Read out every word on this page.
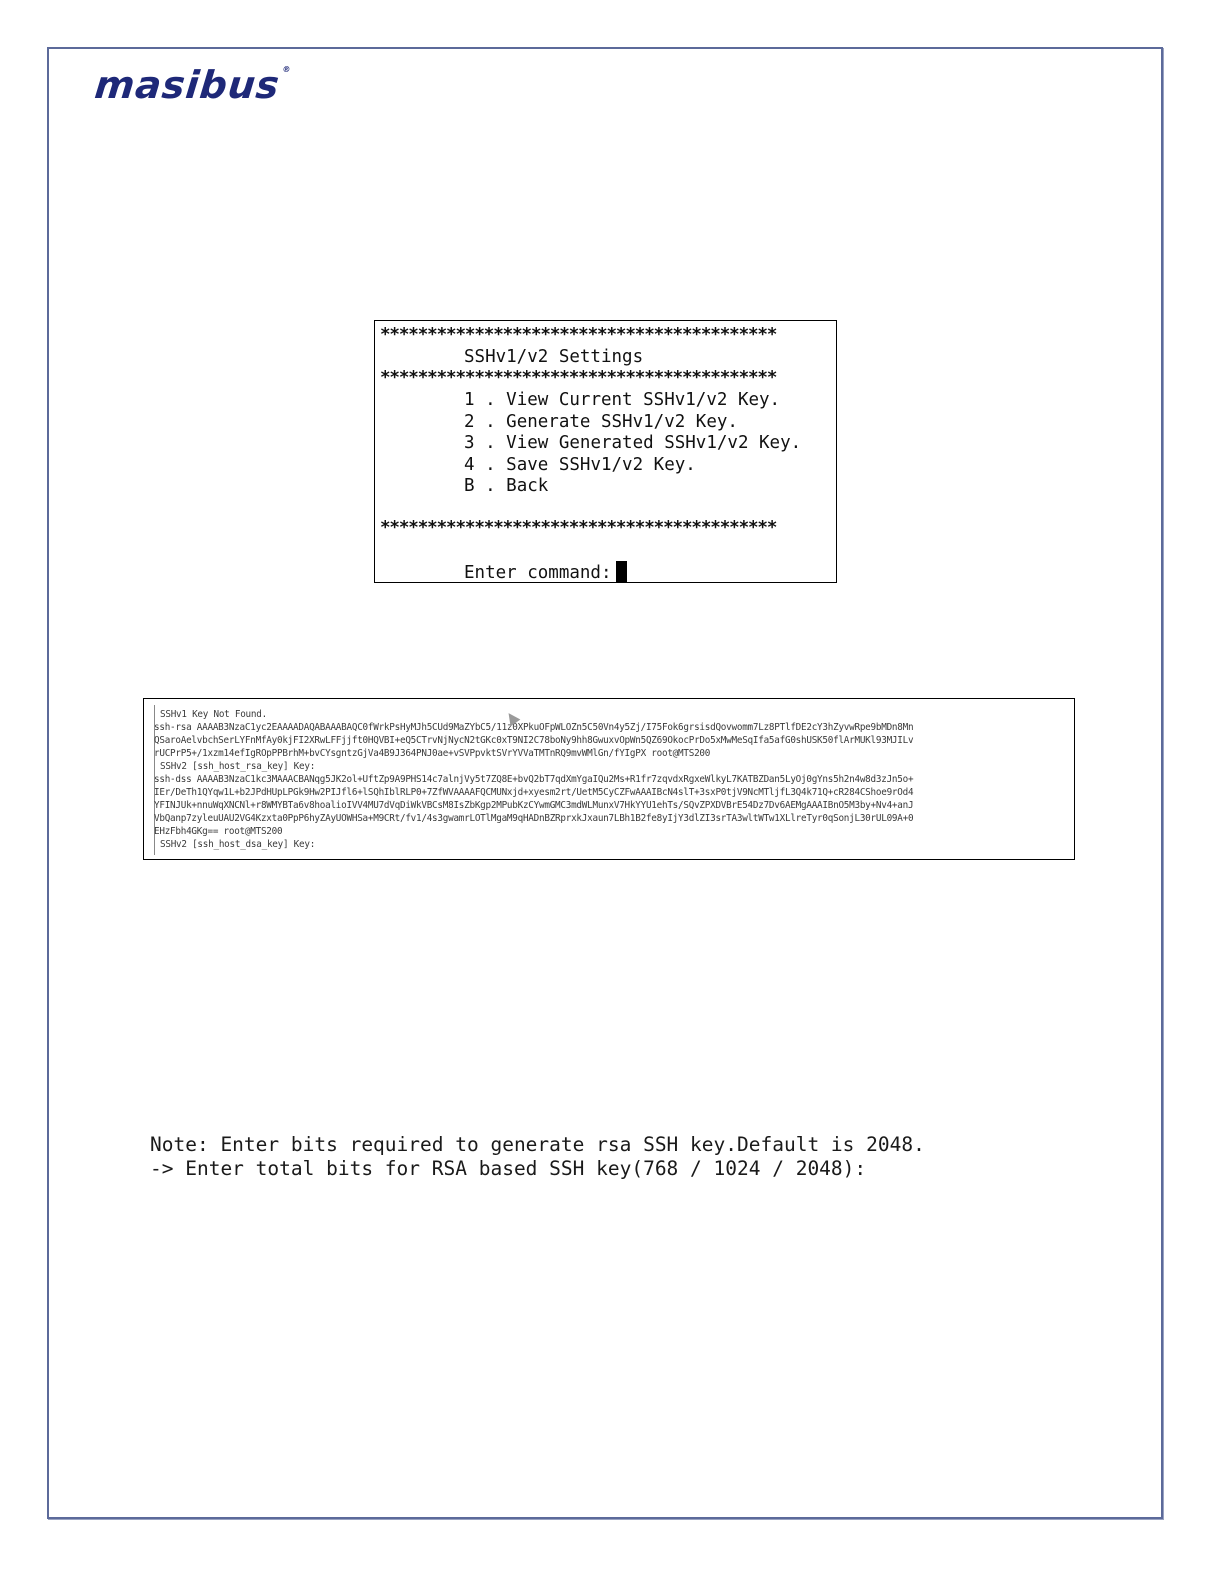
masibus®
******************************************
SSHv1/v2 Settings
******************************************
1 . View Current SSHv1/v2 Key.
2 . Generate SSHv1/v2 Key.
3 . View Generated SSHv1/v2 Key.
4 . Save SSHv1/v2 Key.
B . Back
******************************************
Enter command:
SSHv1 Key Not Found.
ssh-rsa AAAAB3NzaC1yc2EAAAADAQABAAABAQC0fWrkPsHyMJh5CUd9MaZYbC5/11z0XPkuOFpWLOZn5C50Vn4y5Zj/I75Fok6grsisdQovwomm7Lz8PTlfDE2cY3hZyvwRpe9bMDn8Mn
QSaroAelvbchSerLYFnMfAy0kjFI2XRwLFFjjft0HQVBI+eQ5CTrvNjNycN2tGKc0xT9NI2C78boNy9hh8GwuxvOpWn5QZ69OkocPrDo5xMwMeSqIfa5afG0shUSK50flArMUKl93MJILv
rUCPrP5+/1xzm14efIgROpPPBrhM+bvCYsgntzGjVa4B9J364PNJ0ae+vSVPpvktSVrYVVaTMTnRQ9mvWMlGn/fYIgPX root@MTS200
SSHv2 [ssh_host_rsa_key] Key:
ssh-dss AAAAB3NzaC1kc3MAAACBANqg5JK2ol+UftZp9A9PHS14c7alnjVy5t7ZQ8E+bvQ2bT7qdXmYgaIQu2Ms+R1fr7zqvdxRgxeWlkyL7KATBZDan5LyOj0gYns5h2n4w8d3zJn5o+
IEr/DeTh1QYqw1L+b2JPdHUpLPGk9Hw2PIJfl6+lSQhIblRLP0+7ZfWVAAAAFQCMUNxjd+xyesm2rt/UetM5CyCZFwAAAIBcN4slT+3sxP0tjV9NcMTljfL3Q4k71Q+cR284CShoe9rOd4
YFINJUk+nnuWqXNCNl+r8WMYBTa6v8hoalioIVV4MU7dVqDiWkVBCsM8IsZbKgp2MPubKzCYwmGMC3mdWLMunxV7HkYYU1ehTs/SQvZPXDVBrE54Dz7Dv6AEMgAAAIBnO5M3by+Nv4+anJ
VbQanp7zyleuUAU2VG4Kzxta0PpP6hyZAyUOWHSa+M9CRt/fv1/4s3gwamrLOTlMgaM9qHADnBZRprxkJxaun7LBh1B2fe8yIjY3dlZI3srTA3wltWTw1XLlreTyr0qSonjL30rUL09A+0
EHzFbh4GKg== root@MTS200
SSHv2 [ssh_host_dsa_key] Key:
Note: Enter bits required to generate rsa SSH key.Default is 2048.
-> Enter total bits for RSA based SSH key(768 / 1024 / 2048):
